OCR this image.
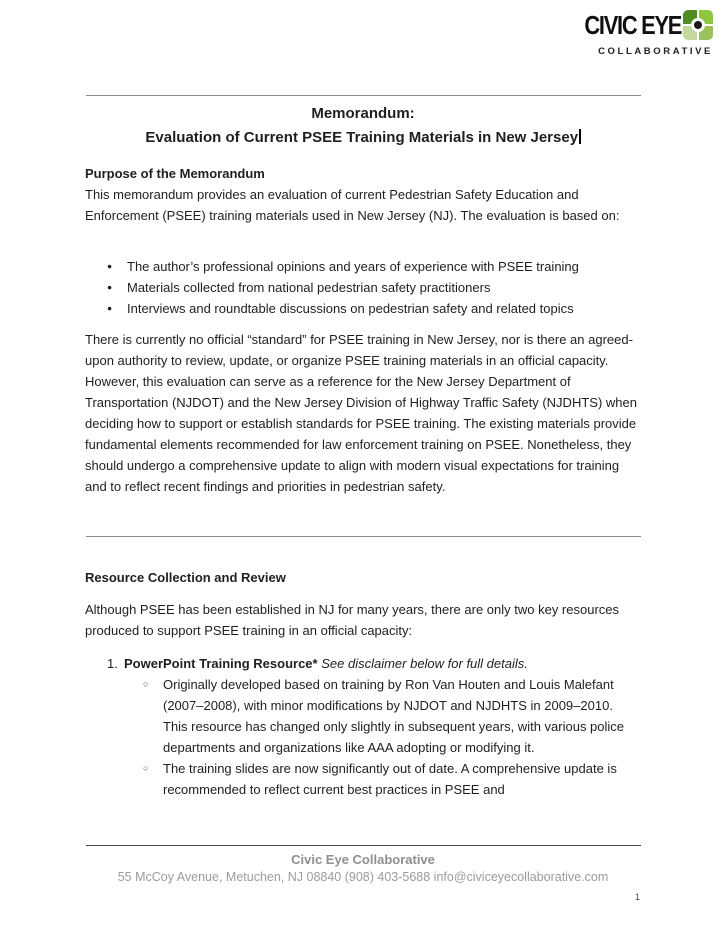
CIVIC EYE
COLLABORATIVE
Memorandum:
Evaluation of Current PSEE Training Materials in New Jersey
Purpose of the Memorandum
This memorandum provides an evaluation of current Pedestrian Safety Education and Enforcement (PSEE) training materials used in New Jersey (NJ). The evaluation is based on:
●	The author’s professional opinions and years of experience with PSEE training
●	Materials collected from national pedestrian safety practitioners
●	Interviews and roundtable discussions on pedestrian safety and related topics
There is currently no official “standard” for PSEE training in New Jersey, nor is there an agreed-upon authority to review, update, or organize PSEE training materials in an official capacity. However, this evaluation can serve as a reference for the New Jersey Department of Transportation (NJDOT) and the New Jersey Division of Highway Traffic Safety (NJDHTS) when deciding how to support or establish standards for PSEE training. The existing materials provide fundamental elements recommended for law enforcement training on PSEE. Nonetheless, they should undergo a comprehensive update to align with modern visual expectations for training and to reflect recent findings and priorities in pedestrian safety.
Resource Collection and Review
Although PSEE has been established in NJ for many years, there are only two key resources produced to support PSEE training in an official capacity:
1. PowerPoint Training Resource* See disclaimer below for full details.
○	Originally developed based on training by Ron Van Houten and Louis Malefant (2007–2008), with minor modifications by NJDOT and NJDHTS in 2009–2010. This resource has changed only slightly in subsequent years, with various police departments and organizations like AAA adopting or modifying it.
○	The training slides are now significantly out of date. A comprehensive update is recommended to reflect current best practices in PSEE and
Civic Eye Collaborative
55 McCoy Avenue, Metuchen, NJ 08840 (908) 403-5688 info@civiceyecollaborative.com
1
